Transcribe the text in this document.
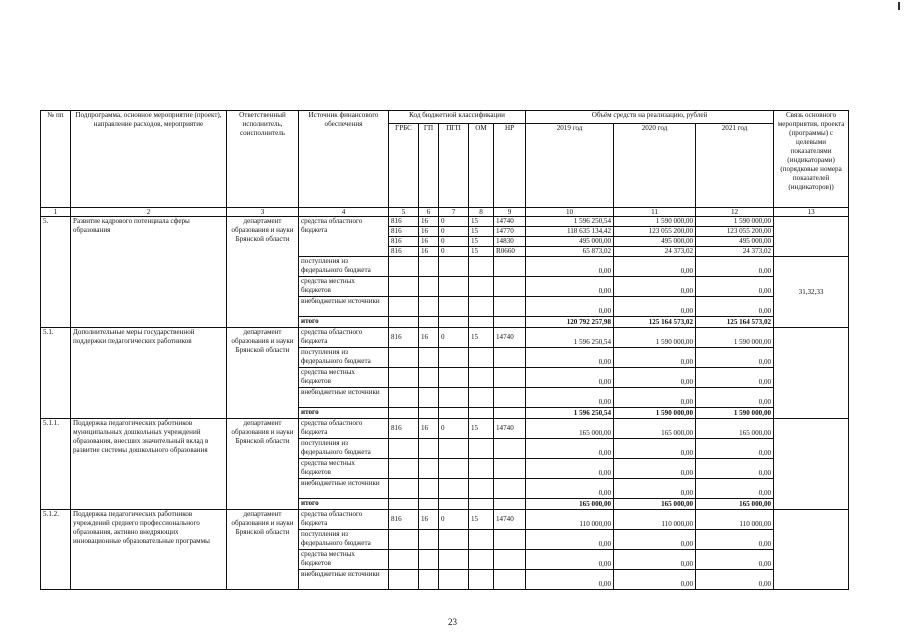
№ пп	Подпрограмма, основное мероприятие (проект), направление расходов, мероприятие	Ответственный исполнитель, соисполнитель	Источник финансового обеспечения	Код бюджетной классификации					Объём средств на реализацию, рублей			Связь основного мероприятия, проекта (программы) с целевыми показателями (индикаторами) (порядковые номера показателей (индикаторов))
				ГРБС	ГП	ПГП	ОМ	НР	2019 год	2020 год	2021 год	
1	2	3	4	5	6	7	8	9	10	11	12	13
5.	Развитие кадрового потенциала сферы образования	департамент образования и науки Брянской области	средства областного бюджета	816	16	0	15	14740	1 596 250,54	1 590 000,00	1 590 000,00	
				816	16	0	15	14770	118 635 134,42	123 055 200,00	123 055 200,00	
				816	16	0	15	14830	495 000,00	495 000,00	495 000,00	
				816	16	0	15	R0660	65 873,02	24 373,02	24 373,02	
			поступления из федерального бюджета						0,00	0,00	0,00	31,32,33
			средства местных бюджетов						0,00	0,00	0,00	
			внебюджетные источники						0,00	0,00	0,00	
			итого						120 792 257,98	125 164 573,02	125 164 573,02	
5.1.	Дополнительные меры государственной поддержки педагогических работников	департамент образования и науки Брянской области	средства областного бюджета	816	16	0	15	14740	1 596 250,54	1 590 000,00	1 590 000,00	
			поступления из федерального бюджета						0,00	0,00	0,00	
			средства местных бюджетов						0,00	0,00	0,00	
			внебюджетные источники						0,00	0,00	0,00	
			итого						1 596 250,54	1 590 000,00	1 590 000,00	
5.1.1.	Поддержка педагогических работников муниципальных дошкольных учреждений образования, внесших значительный вклад в развитие системы дошкольного образования	департамент образования и науки Брянской области	средства областного бюджета	816	16	0	15	14740	165 000,00	165 000,00	165 000,00	
			поступления из федерального бюджета						0,00	0,00	0,00	
			средства местных бюджетов						0,00	0,00	0,00	
			внебюджетные источники						0,00	0,00	0,00	
			итого						165 000,00	165 000,00	165 000,00	
5.1.2.	Поддержка педагогических работников учреждений среднего профессионального образования, активно внедряющих инновационные образовательные программы	департамент образования и науки Брянской области	средства областного бюджета	816	16	0	15	14740	110 000,00	110 000,00	110 000,00	
			поступления из федерального бюджета						0,00	0,00	0,00	
			средства местных бюджетов						0,00	0,00	0,00	
			внебюджетные источники						0,00	0,00	0,00	
23
